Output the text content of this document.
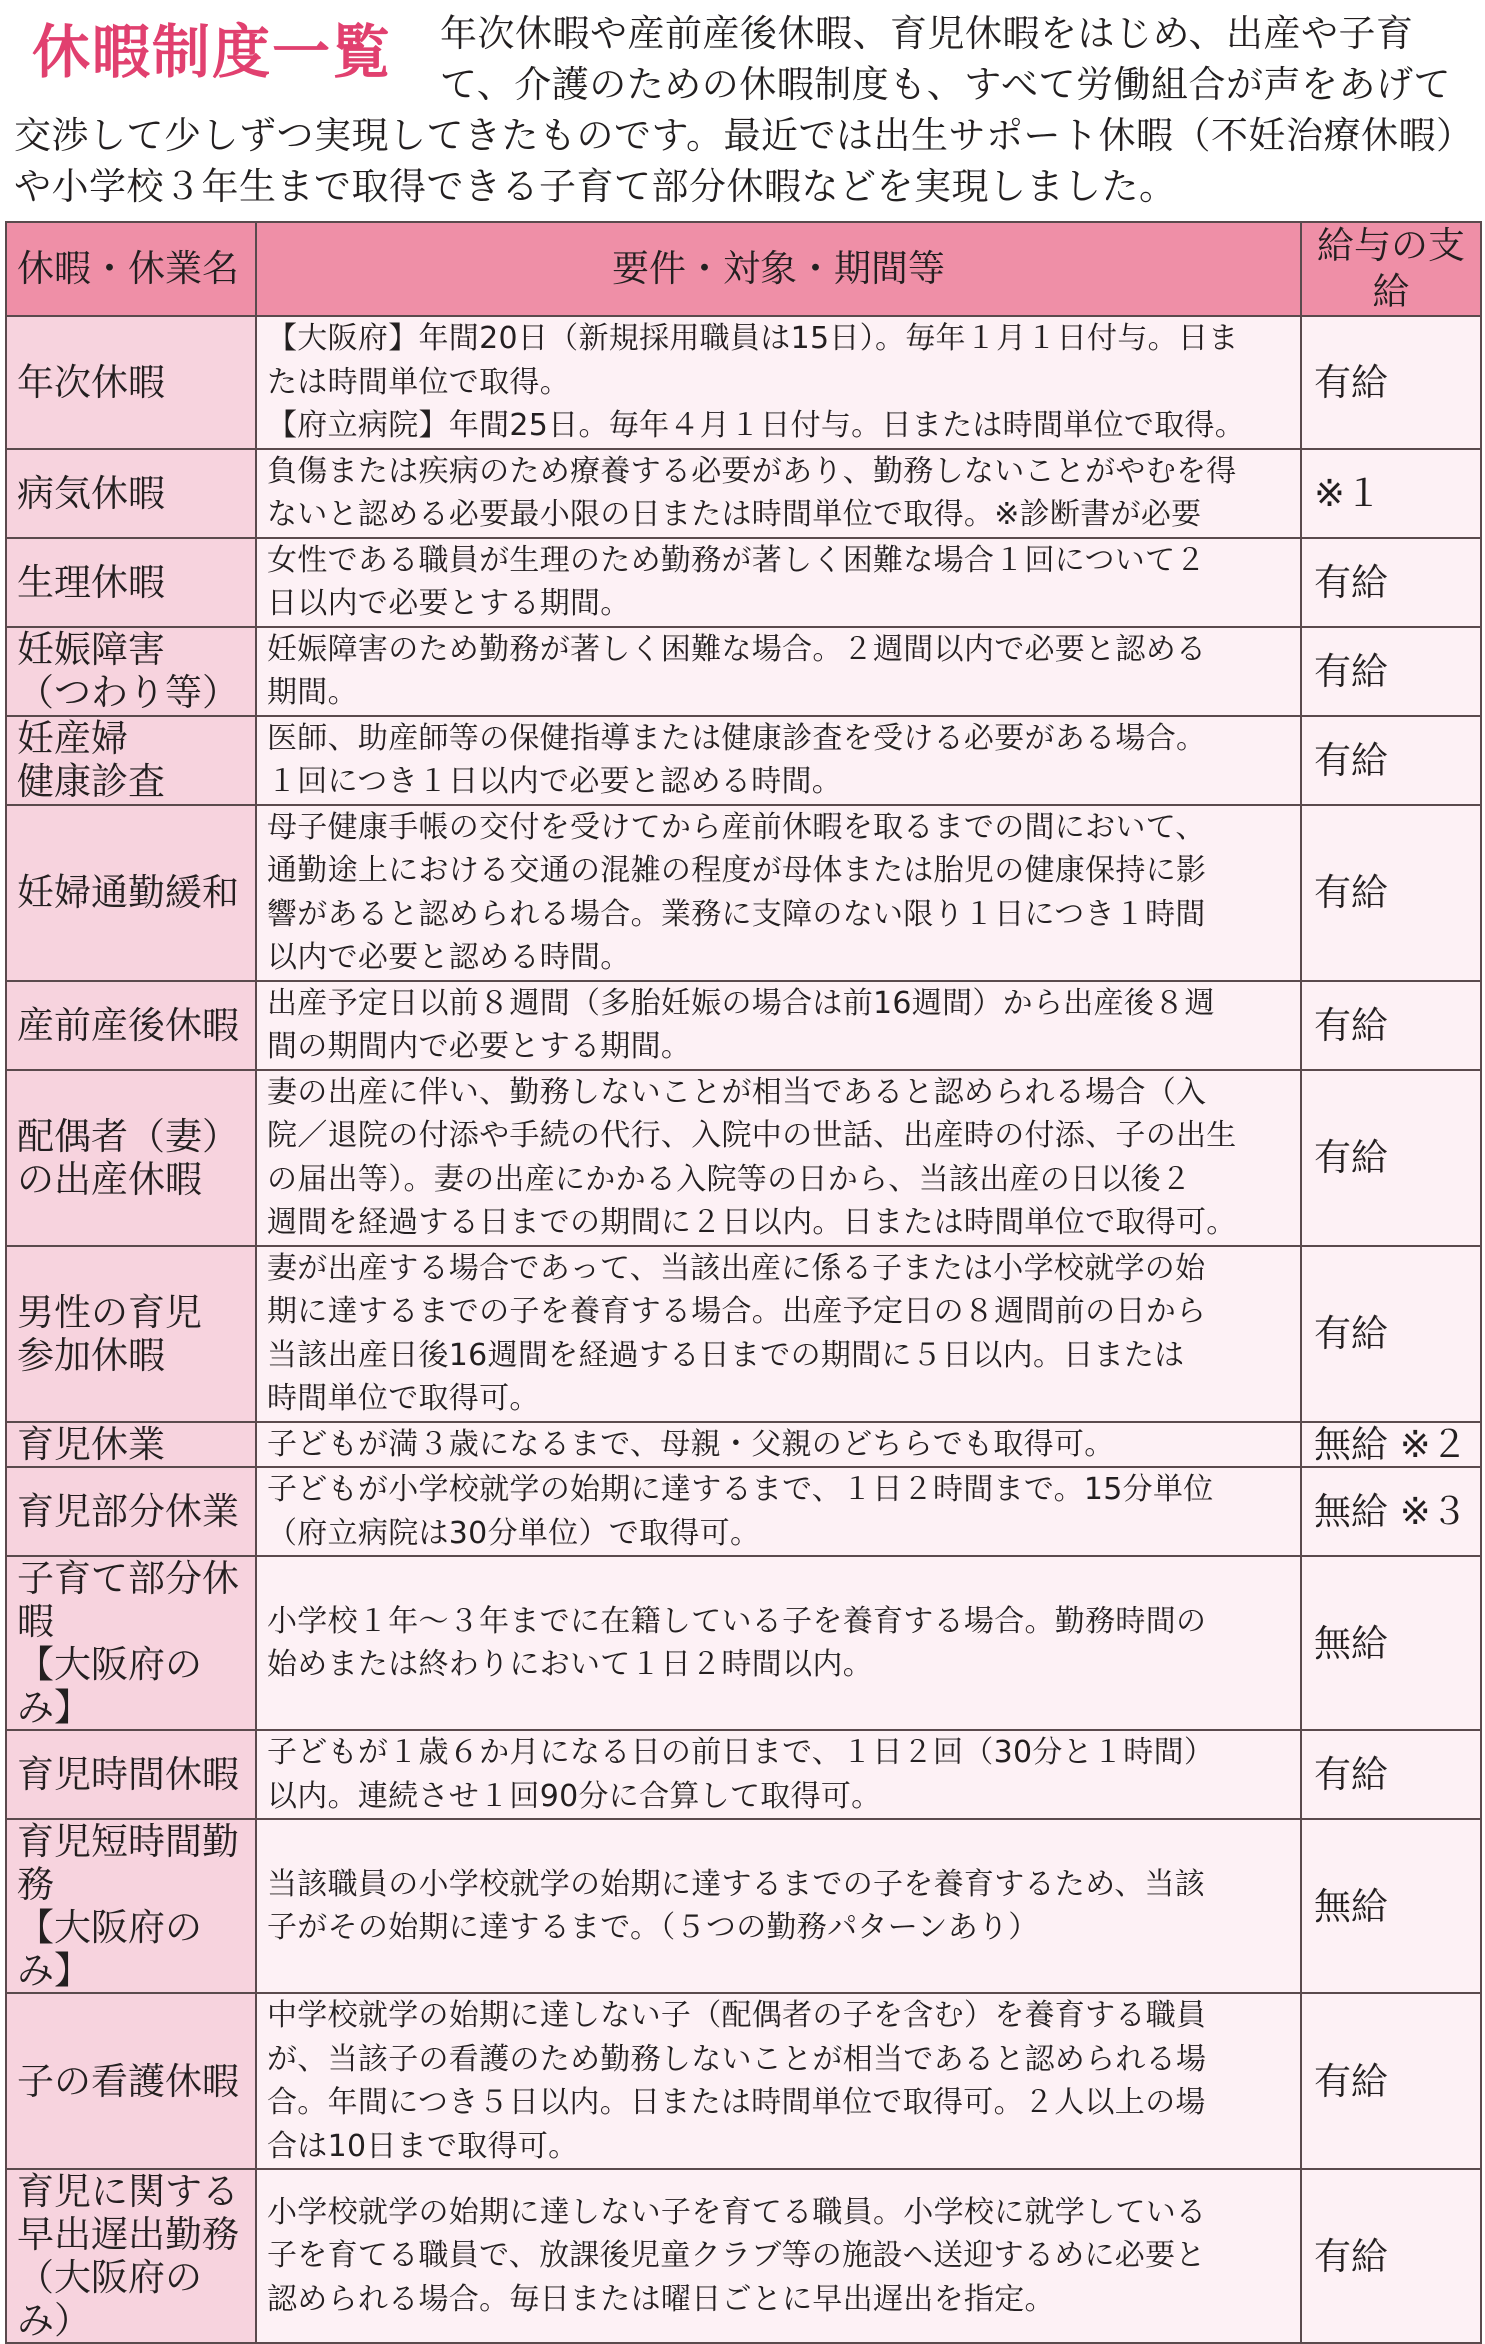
休暇制度一覧 年次休暇や産前産後休暇、育児休暇をはじめ、出産や子育て、介護のための休暇制度も、すべて労働組合が声をあげて交渉して少しずつ実現してきたものです。最近では出生サポート休暇（不妊治療休暇）や小学校３年生まで取得できる子育て部分休暇などを実現しました。
休暇・休業名	要件・対象・期間等	給与の支給
年次休暇	【大阪府】年間20日（新規採用職員は15日）。毎年１月１日付与。日ま
たは時間単位で取得。
【府立病院】年間25日。毎年４月１日付与。日または時間単位で取得。	有給
病気休暇	負傷または疾病のため療養する必要があり、勤務しないことがやむを得
ないと認める必要最小限の日または時間単位で取得。※診断書が必要	※１
生理休暇	女性である職員が生理のため勤務が著しく困難な場合１回について２
日以内で必要とする期間。	有給
妊娠障害
（つわり等）	妊娠障害のため勤務が著しく困難な場合。２週間以内で必要と認める
期間。	有給
妊産婦
健康診査	医師、助産師等の保健指導または健康診査を受ける必要がある場合。
１回につき１日以内で必要と認める時間。	有給
妊婦通勤緩和	母子健康手帳の交付を受けてから産前休暇を取るまでの間において、
通勤途上における交通の混雑の程度が母体または胎児の健康保持に影
響があると認められる場合。業務に支障のない限り１日につき１時間
以内で必要と認める時間。	有給
産前産後休暇	出産予定日以前８週間（多胎妊娠の場合は前16週間）から出産後８週
間の期間内で必要とする期間。	有給
配偶者（妻）
の出産休暇	妻の出産に伴い、勤務しないことが相当であると認められる場合（入
院／退院の付添や手続の代行、入院中の世話、出産時の付添、子の出生
の届出等）。妻の出産にかかる入院等の日から、当該出産の日以後２
週間を経過する日までの期間に２日以内。日または時間単位で取得可。	有給
男性の育児
参加休暇	妻が出産する場合であって、当該出産に係る子または小学校就学の始
期に達するまでの子を養育する場合。出産予定日の８週間前の日から
当該出産日後16週間を経過する日までの期間に５日以内。日または
時間単位で取得可。	有給
育児休業	子どもが満３歳になるまで、母親・父親のどちらでも取得可。	無給 ※２
育児部分休業	子どもが小学校就学の始期に達するまで、１日２時間まで。15分単位
（府立病院は30分単位）で取得可。	無給 ※３
子育て部分休暇
【大阪府のみ】	小学校１年〜３年までに在籍している子を養育する場合。勤務時間の
始めまたは終わりにおいて１日２時間以内。	無給
育児時間休暇	子どもが１歳６か月になる日の前日まで、１日２回（30分と１時間）
以内。連続させ１回90分に合算して取得可。	有給
育児短時間勤務
【大阪府のみ】	当該職員の小学校就学の始期に達するまでの子を養育するため、当該
子がその始期に達するまで。（５つの勤務パターンあり）	無給
子の看護休暇	中学校就学の始期に達しない子（配偶者の子を含む）を養育する職員
が、当該子の看護のため勤務しないことが相当であると認められる場
合。年間につき５日以内。日または時間単位で取得可。２人以上の場
合は10日まで取得可。	有給
育児に関する
早出遅出勤務
（大阪府のみ）	小学校就学の始期に達しない子を育てる職員。小学校に就学している
子を育てる職員で、放課後児童クラブ等の施設へ送迎するめに必要と
認められる場合。毎日または曜日ごとに早出遅出を指定。	有給
